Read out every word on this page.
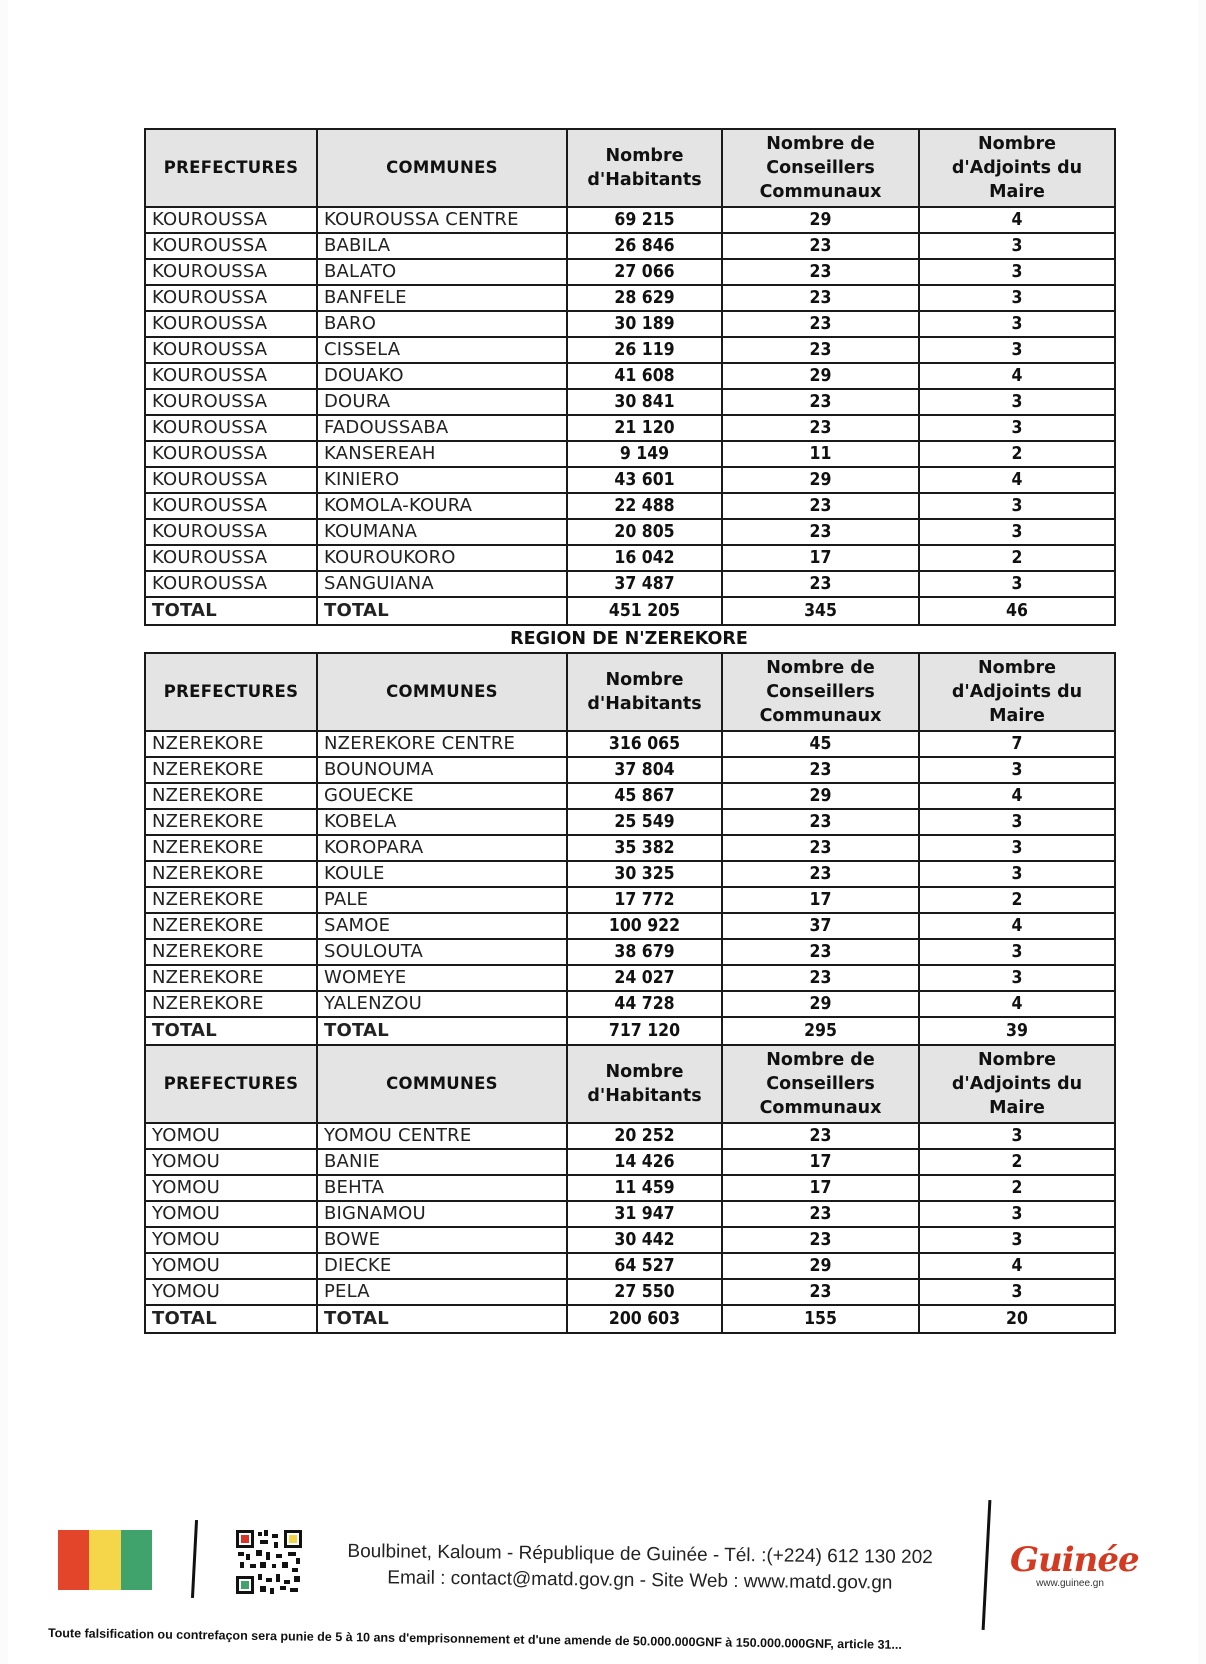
PREFECTURES	COMMUNES	Nombre d'Habitants	Nombre de Conseillers Communaux	Nombre d'Adjoints du Maire
KOUROUSSA	KOUROUSSA CENTRE	69 215	29	4
KOUROUSSA	BABILA	26 846	23	3
KOUROUSSA	BALATO	27 066	23	3
KOUROUSSA	BANFELE	28 629	23	3
KOUROUSSA	BARO	30 189	23	3
KOUROUSSA	CISSELA	26 119	23	3
KOUROUSSA	DOUAKO	41 608	29	4
KOUROUSSA	DOURA	30 841	23	3
KOUROUSSA	FADOUSSABA	21 120	23	3
KOUROUSSA	KANSEREAH	9 149	11	2
KOUROUSSA	KINIERO	43 601	29	4
KOUROUSSA	KOMOLA-KOURA	22 488	23	3
KOUROUSSA	KOUMANA	20 805	23	3
KOUROUSSA	KOUROUKORO	16 042	17	2
KOUROUSSA	SANGUIANA	37 487	23	3
TOTAL	TOTAL	451 205	345	46
REGION DE N'ZEREKORE
PREFECTURES	COMMUNES	Nombre d'Habitants	Nombre de Conseillers Communaux	Nombre d'Adjoints du Maire
NZEREKORE	NZEREKORE CENTRE	316 065	45	7
NZEREKORE	BOUNOUMA	37 804	23	3
NZEREKORE	GOUECKE	45 867	29	4
NZEREKORE	KOBELA	25 549	23	3
NZEREKORE	KOROPARA	35 382	23	3
NZEREKORE	KOULE	30 325	23	3
NZEREKORE	PALE	17 772	17	2
NZEREKORE	SAMOE	100 922	37	4
NZEREKORE	SOULOUTA	38 679	23	3
NZEREKORE	WOMEYE	24 027	23	3
NZEREKORE	YALENZOU	44 728	29	4
TOTAL	TOTAL	717 120	295	39
PREFECTURES	COMMUNES	Nombre d'Habitants	Nombre de Conseillers Communaux	Nombre d'Adjoints du Maire
YOMOU	YOMOU CENTRE	20 252	23	3
YOMOU	BANIE	14 426	17	2
YOMOU	BEHTA	11 459	17	2
YOMOU	BIGNAMOU	31 947	23	3
YOMOU	BOWE	30 442	23	3
YOMOU	DIECKE	64 527	29	4
YOMOU	PELA	27 550	23	3
TOTAL	TOTAL	200 603	155	20
Boulbinet, Kaloum - République de Guinée - Tél. :(+224) 612 130 202
Email : contact@matd.gov.gn - Site Web : www.matd.gov.gn
Guinée
www.guinee.gn
Toute falsification ou contrefaçon sera punie de 5 à 10 ans d'emprisonnement et d'une amende de 50.000.000GNF à 150.000.000GNF, article 31...
